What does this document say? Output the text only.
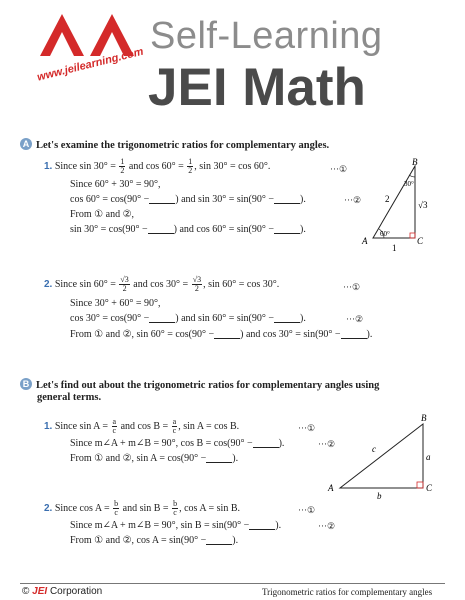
Self-Learning
JEI Math
www.jeilearning.com
A Let's examine the trigonometric ratios for complementary angles.
1. Since $\sin 30^\circ = \frac{1}{2}$ and $\cos 60^\circ = \frac{1}{2}$ , sin 30° = cos 60°.	···①
Since 60° + 30° = 90°,
cos 60° = cos(90° −	) and sin 30° = sin(90° −	).	···②
From ① and ②,
sin 30° = cos(90° −	) and cos 60° = sin(90° −	).
B
A	C
60°
30°
2
√3
1
2. Since $\sin 60^\circ = \frac{√3}{2}$ and $\cos 30^\circ = \frac{√3}{2}$ , sin 60° = cos 30°.	···①
Since 30° + 60° = 90°,
cos 30° = cos(90° −	) and sin 60° = sin(90° −	).	···②
From ① and ②, sin 60° = cos(90° −	) and cos 30° = sin(90° −	).
B Let's find out about the trigonometric ratios for complementary angles using
general terms.
1. Since $\sin A = \frac{a}{c}$ and $\cos B = \frac{a}{c}$ , sin A = cos B.	···①
Since m∠A + m∠B = 90°, cos B = cos(90° −	).	···②
From ① and ②, sin A = cos(90° −	).
B
A	C
a
b
c
2. Since $\cos A = \frac{b}{c}$ and $\sin B = \frac{b}{c}$ , cos A = sin B.	···①
Since m∠A + m∠B = 90°, sin B = sin(90° −	).	···②
From ① and ②, cos A = sin(90° −	).
© JEI Corporation	Trigonometric ratios for complementary angles
